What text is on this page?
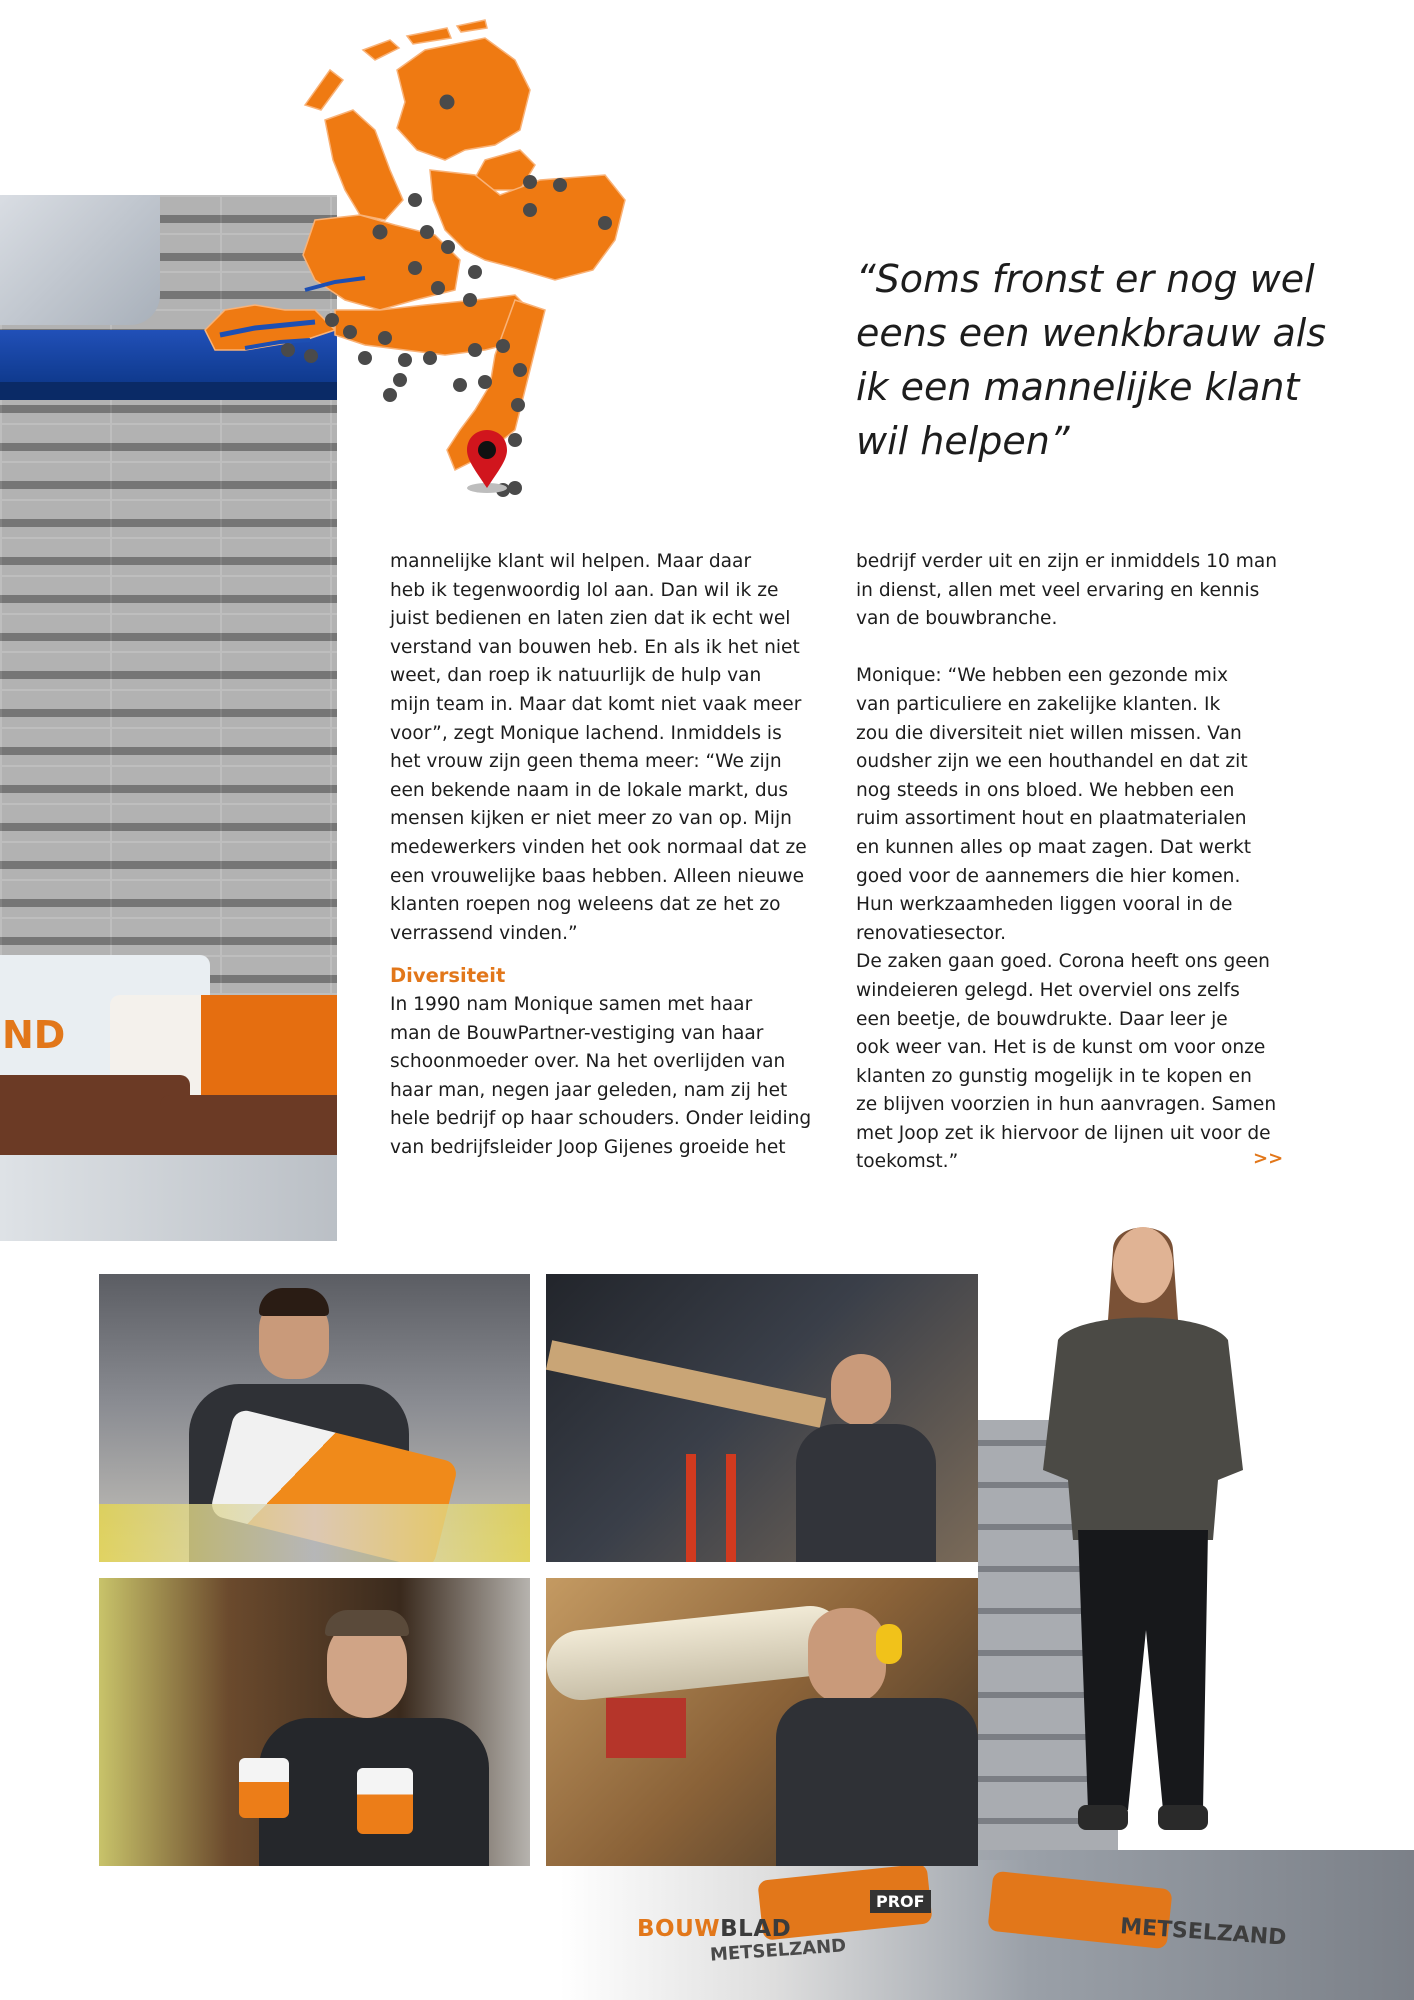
ND
“Soms fronst er nog wel
eens een wenkbrauw als
ik een mannelijke klant
wil helpen”
mannelijke klant wil helpen. Maar daar
heb ik tegenwoordig lol aan. Dan wil ik ze
juist bedienen en laten zien dat ik echt wel
verstand van bouwen heb. En als ik het niet
weet, dan roep ik natuurlijk de hulp van
mijn team in. Maar dat komt niet vaak meer
voor”, zegt Monique lachend. Inmiddels is
het vrouw zijn geen thema meer: “We zijn
een bekende naam in de lokale markt, dus
mensen kijken er niet meer zo van op. Mijn
medewerkers vinden het ook normaal dat ze
een vrouwelijke baas hebben. Alleen nieuwe
klanten roepen nog weleens dat ze het zo
verrassend vinden.”
Diversiteit
In 1990 nam Monique samen met haar
man de BouwPartner-vestiging van haar
schoonmoeder over. Na het overlijden van
haar man, negen jaar geleden, nam zij het
hele bedrijf op haar schouders. Onder leiding
van bedrijfsleider Joop Gijenes groeide het
bedrijf verder uit en zijn er inmiddels 10 man
in dienst, allen met veel ervaring en kennis
van de bouwbranche.
Monique: “We hebben een gezonde mix
van particuliere en zakelijke klanten. Ik
zou die diversiteit niet willen missen. Van
oudsher zijn we een houthandel en dat zit
nog steeds in ons bloed. We hebben een
ruim assortiment hout en plaatmaterialen
en kunnen alles op maat zagen. Dat werkt
goed voor de aannemers die hier komen.
Hun werkzaamheden liggen vooral in de
renovatiesector.
De zaken gaan goed. Corona heeft ons geen
windeieren gelegd. Het overviel ons zelfs
een beetje, de bouwdrukte. Daar leer je
ook weer van. Het is de kunst om voor onze
klanten zo gunstig mogelijk in te kopen en
ze blijven voorzien in hun aanvragen. Samen
met Joop zet ik hiervoor de lijnen uit voor de
toekomst.”	>>
METSELZAND
METSELZAND
PROF
BOUWBLAD
